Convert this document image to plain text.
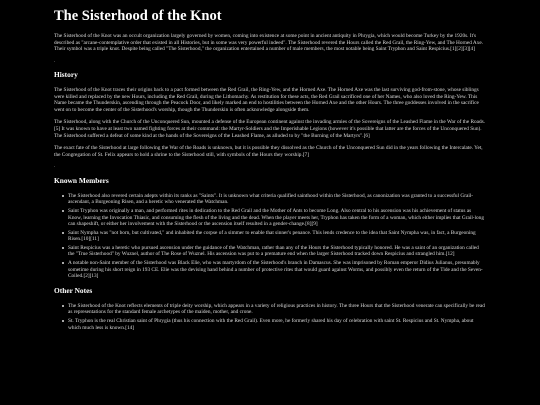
The Sisterhood of the Knot

The Sisterhood of the Knot was an occult organization largely governed by women, coming into existence at some point in ancient antiquity in Phrygia, which would become Turkey by the 1920s. It's described as "arcane-contemplative order that existed in all Histories, but in some was very powerful indeed". The Sisterhood revered the Hours called the Red Grail, the Ring-Yew, and The Horned Axe. Their symbol was a triple knot. Despite being called "The Sisterhood," the organization entertained a number of male members, the most notable being Saint Tryphon and Saint Respicius.[1][2][3][4]

.
History

The Sisterhood of the Knot traces their origins back to a pact formed between the Red Grail, the Ring-Yew, and the Horned Axe. The Horned Axe was the last surviving god-from-stone, whose siblings were killed and replaced by the new Hours, including the Red Grail, during the Lithomachy. As restitution for these acts, the Red Grail sacrificed one of her Names, who also loved the Ring-Yew. This Name became the Thunderskin, ascending through the Peacock Door, and likely marked an end to hostilities between the Horned Axe and the other Hours. The three goddesses involved in the sacrifice went on to become the center of the Sisterhood's worship, though the Thunderskin is often acknowledge alongside them.

The Sisterhood, along with the Church of the Unconquered Sun, mounted a defense of the European continent against the invading armies of the Sovereigns of the Leashed Flame in the War of the Roads.[5] It was known to have at least two named fighting forces at their command: the Martyr-Soldiers and the Imperishable Legions (however it's possible that latter are the forces of the Unconquered Sun). The Sisterhood suffered a defeat of some kind at the hands of the Sovereigns of the Leashed Flame, as alluded to by "the Burning of the Martyrs".[6]

The exact fate of the Sisterhood at large following the War of the Roads is unknown, but it is possible they dissolved as the Church of the Unconquered Sun did in the years following the Intercalate. Yet, the Congregation of St. Felix appears to hold a shrine to the Sisterhood still, with symbols of the Hours they worship.[7]

.
Known Members
The Sisterhood also revered certain adepts within its ranks as "Saints". It is unknown what criteria qualified sainthood within the Sisterhood, as canonization was granted to a successful Grail-ascendant, a Burgeoning Risen, and a heretic who venerated the Watchman.
Saint Tryphon was originally a man, and performed rites in dedication to the Red Grail and the Mother of Ants to become Long. Also central to his ascension was his achievement of status as Know, learning the Invocation Thiasic, and consuming the flesh of the living and the dead. When the player meets her, Tryphon has taken the form of a woman, which either implies that Grail-long can shapeshift, or either her involvement with the Sisterhood or the ascension itself resulted in a gender-change.[8][9]
Saint Nympha was "not born, but cultivated," and inhabited the corpse of a simmer to enable that sinner's penance. This lends credence to the idea that Saint Nympha was, in fact, a Burgeoning Risen.[10][11]
Saint Respicius was a heretic who pursued ascension under the guidance of the Watchman, rather than any of the Hours the Sisterhood typically honored. He was a saint of an organization called the "True Sisterhood" by Wuznel, author of The Rose of Wuznel. His ascension was put to a premature end when the larger Sisterhood tracked down Respicius and strangled him.[12]
A notable non-Saint member of the Sisterhood was Black Elie, who was martyrdom of the Sisterhood's branch in Damascus. She was imprisoned by Roman emperor Didius Julianus, presumably sometime during his short reign in 193 CE. Elie was the devising hand behind a number of protective rites that would guard against Worms, and possibly even the return of the Tide and the Seven-Coiled.[2][13]
Other Notes
The Sisterhood of the Knot reflects elements of triple deity worship, which appears in a variety of religious practices in history. The three Hours that the Sisterhood venerate can specifically be read as representations for the standard female archetypes of the maiden, mother, and crone.
St. Tryphon is the real Christian saint of Phrygia (thus his connection with the Red Grail). Even more, he formerly shared his day of celebration with saint St. Respicius and St. Nympha, about which much less is known.[14]
